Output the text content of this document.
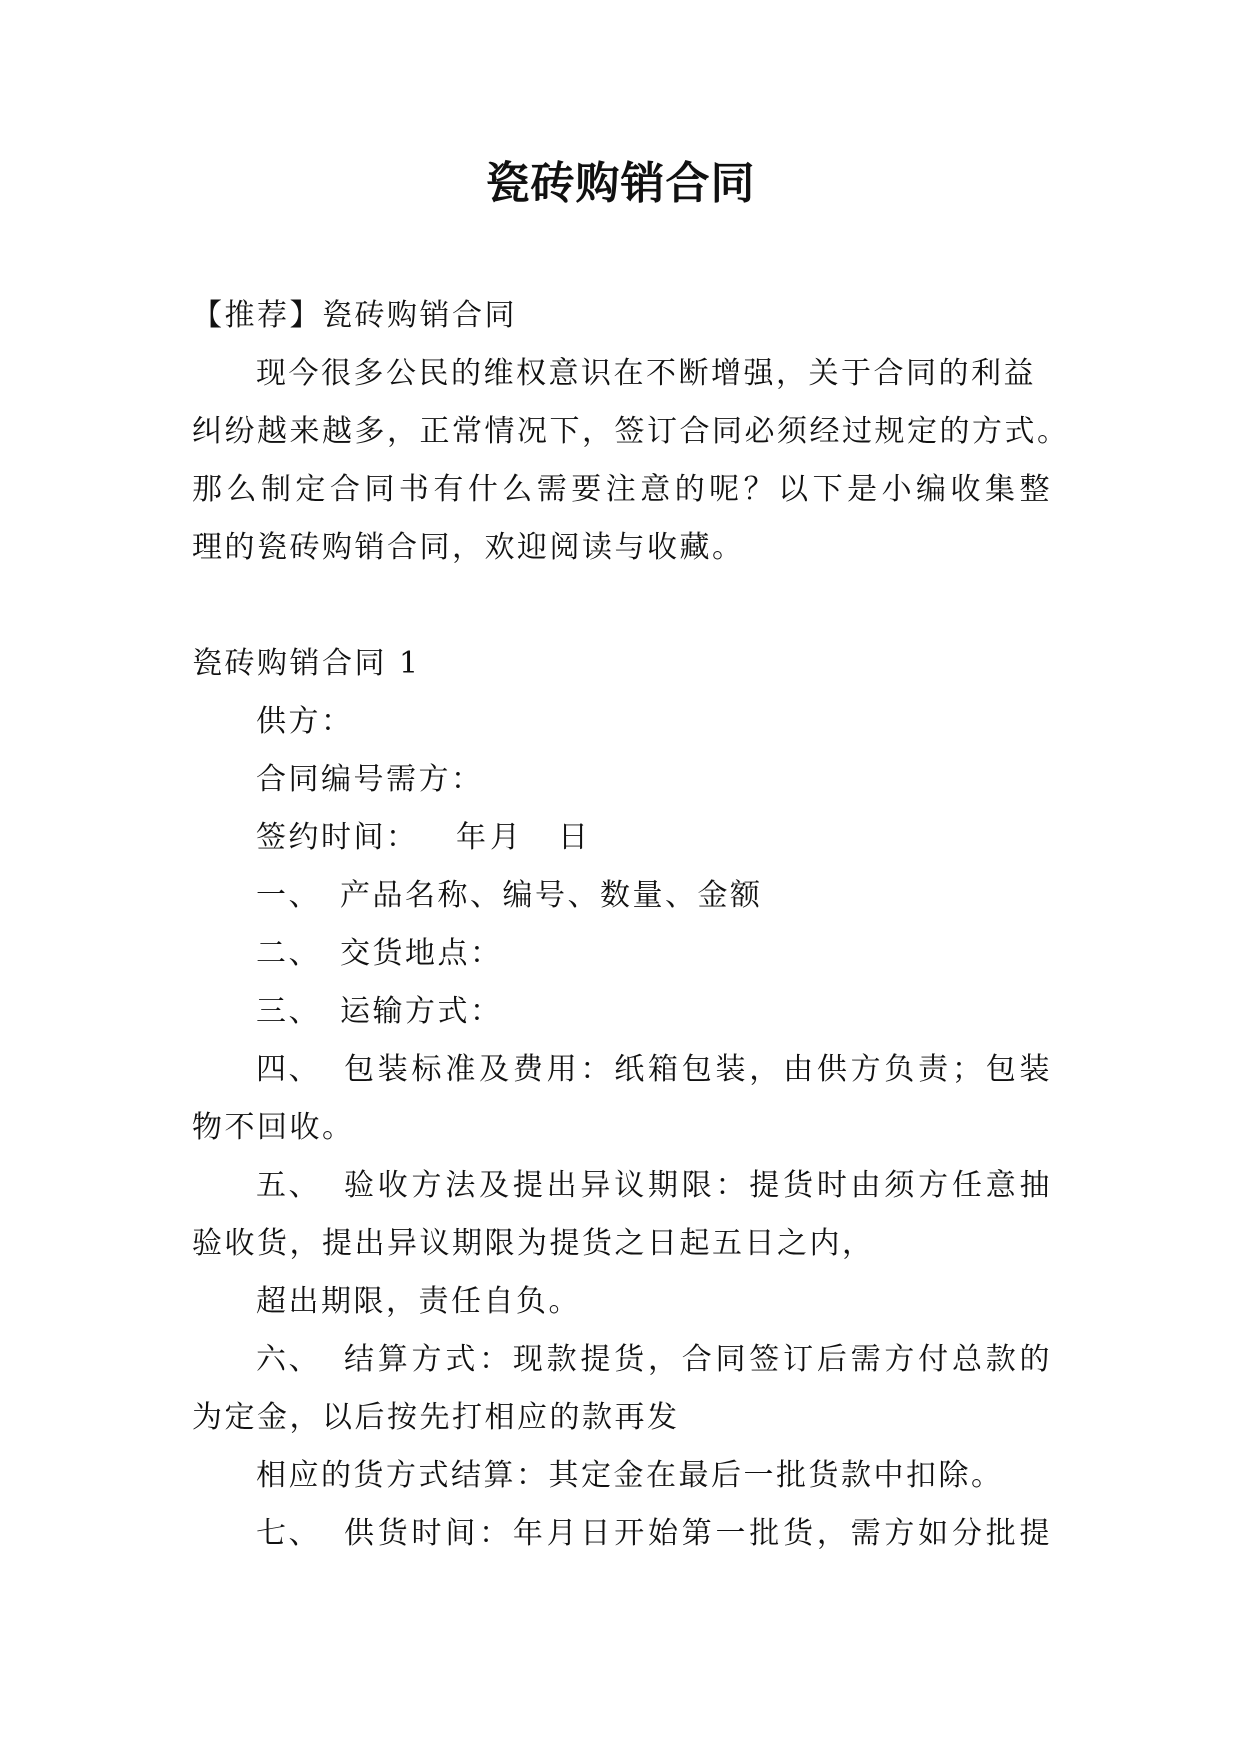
瓷砖购销合同
【推荐】瓷砖购销合同
现今很多公民的维权意识在不断增强，关于合同的利益
纠纷越来越多，正常情况下，签订合同必须经过规定的方式。
那么制定合同书有什么需要注意的呢？以下是小编收集整
理的瓷砖购销合同，欢迎阅读与收藏。
瓷砖购销合同 1
供方：
合同编号需方：
签约时间： 年 月 日
一、 产品名称、编号、数量、金额
二、 交货地点：
三、 运输方式：
四、 包装标准及费用：纸箱包装，由供方负责；包装
物不回收。
五、 验收方法及提出异议期限：提货时由须方任意抽
验收货，提出异议期限为提货之日起五日之内，
超出期限，责任自负。
六、 结算方式：现款提货，合同签订后需方付总款的
为定金，以后按先打相应的款再发
相应的货方式结算：其定金在最后一批货款中扣除。
七、 供货时间：年月日开始第一批货，需方如分批提
